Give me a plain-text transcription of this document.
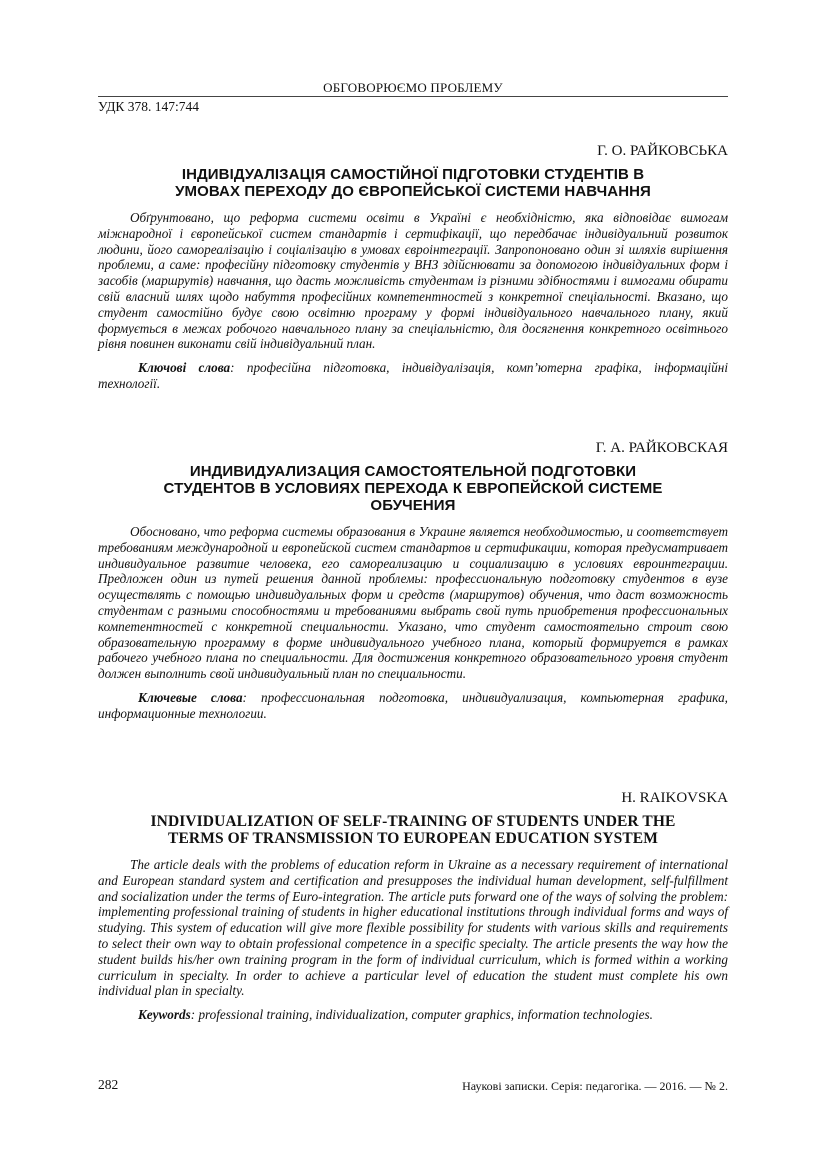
ОБГОВОРЮЄМО ПРОБЛЕМУ
УДК 378. 147:744

Г. О. РАЙКОВСЬКА

ІНДИВІДУАЛІЗАЦІЯ САМОСТІЙНОЇ ПІДГОТОВКИ СТУДЕНТІВ В
УМОВАХ ПЕРЕХОДУ ДО ЄВРОПЕЙСЬКОЇ СИСТЕМИ НАВЧАННЯ

Обґрунтовано, що реформа системи освіти в Україні є необхідністю, яка відповідає вимогам міжнародної і європейської систем стандартів і сертифікації, що передбачає індивідуальний розвиток людини, його самореалізацію і соціалізацію в умовах євроінтеграції. Запропоновано один зі шляхів вирішення проблеми, а саме: професійну підготовку студентів у ВНЗ здійснювати за допомогою індивідуальних форм і засобів (маршрутів) навчання, що дасть можливість студентам із різними здібностями і вимогами обирати свій власний шлях щодо набуття професійних компетентностей з конкретної спеціальності. Вказано, що студент самостійно будує свою освітню програму у формі індивідуального навчального плану, який формується в межах робочого навчального плану за спеціальністю, для досягнення конкретного освітнього рівня повинен виконати свій індивідуальний план.

Ключові слова: професійна підготовка, індивідуалізація, комп’ютерна графіка, інформаційні технології.

Г. А. РАЙКОВСКАЯ

ИНДИВИДУАЛИЗАЦИЯ САМОСТОЯТЕЛЬНОЙ ПОДГОТОВКИ
СТУДЕНТОВ В УСЛОВИЯХ ПЕРЕХОДА К ЕВРОПЕЙСКОЙ СИСТЕМЕ
ОБУЧЕНИЯ

Обосновано, что реформа системы образования в Украине является необходимостью, и соответствует требованиям международной и европейской систем стандартов и сертификации, которая предусматривает индивидуальное развитие человека, его самореализацию и социализацию в условиях евроинтеграции. Предложен один из путей решения данной проблемы: профессиональную подготовку студентов в вузе осуществлять с помощью индивидуальных форм и средств (маршрутов) обучения, что даст возможность студентам с разными способностями и требованиями выбрать свой путь приобретения профессиональных компетентностей с конкретной специальности. Указано, что студент самостоятельно строит свою образовательную программу в форме индивидуального учебного плана, который формируется в рамках рабочего учебного плана по специальности. Для достижения конкретного образовательного уровня студент должен выполнить свой индивидуальный план по специальности.

Ключевые слова: профессиональная подготовка, индивидуализация, компьютерная графика, информационные технологии.

H. RAIKOVSKA

INDIVIDUALIZATION OF SELF-TRAINING OF STUDENTS UNDER THE
TERMS OF TRANSMISSION TO EUROPEAN EDUCATION SYSTEM

The article deals with the problems of education reform in Ukraine as a necessary requirement of international and European standard system and certification and presupposes the individual human development, self-fulfillment and socialization under the terms of Euro-integration. The article puts forward one of the ways of solving the problem: implementing professional training of students in higher educational institutions through individual forms and ways of studying. This system of education will give more flexible possibility for students with various skills and requirements to select their own way to obtain professional competence in a specific specialty. The article presents the way how the student builds his/her own training program in the form of individual curriculum, which is formed within a working curriculum in specialty. In order to achieve a particular level of education the student must complete his own individual plan in specialty.

Keywords: professional training, individualization, computer graphics, information technologies.

282	Наукові записки. Серія: педагогіка. — 2016. — № 2.
